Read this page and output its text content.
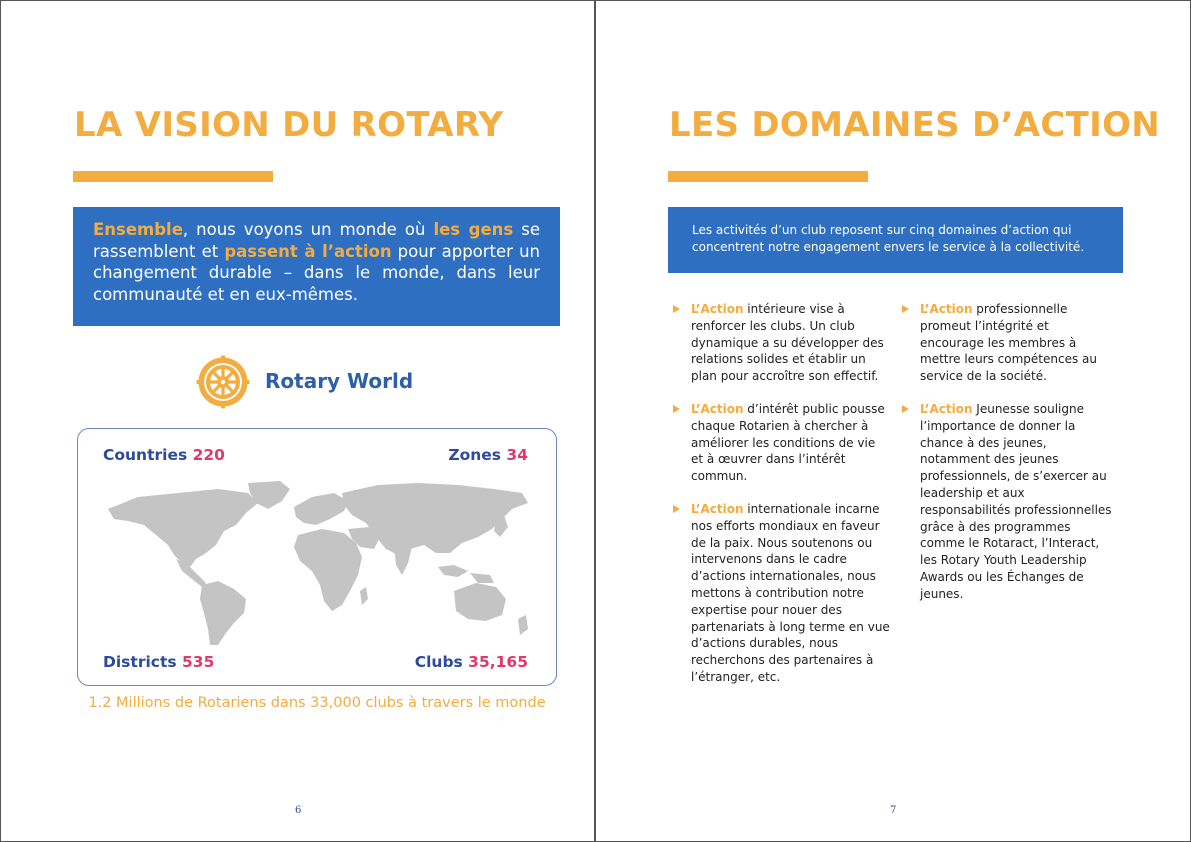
LA VISION DU ROTARY
Ensemble, nous voyons un monde où les gens se rassemblent et passent à l’action pour apporter un changement durable – dans le monde, dans leur communauté et en eux-mêmes.
Rotary World
Countries 220	Zones 34
Districts 535	Clubs 35,165
1.2 Millions de Rotariens dans 33,000 clubs à travers le monde
6
LES DOMAINES D’ACTION
Les activités d’un club reposent sur cinq domaines d’action qui concentrent notre engagement envers le service à la collectivité.
L’Action intérieure vise à renforcer les clubs. Un club dynamique a su développer des relations solides et établir un plan pour accroître son effectif.
L’Action d’intérêt public pousse chaque Rotarien à chercher à améliorer les conditions de vie et à œuvrer dans l’intérêt commun.
L’Action internationale incarne nos efforts mondiaux en faveur de la paix. Nous soutenons ou intervenons dans le cadre d’actions internationales, nous mettons à contribution notre expertise pour nouer des partenariats à long terme en vue d’actions durables, nous recherchons des partenaires à l’étranger, etc.
L’Action professionnelle promeut l’intégrité et encourage les membres à mettre leurs compétences au service de la société.
L’Action Jeunesse souligne l’importance de donner la chance à des jeunes, notamment des jeunes professionnels, de s’exercer au leadership et aux responsabilités professionnelles grâce à des programmes comme le Rotaract, l’Interact, les Rotary Youth Leadership Awards ou les Échanges de jeunes.
7
